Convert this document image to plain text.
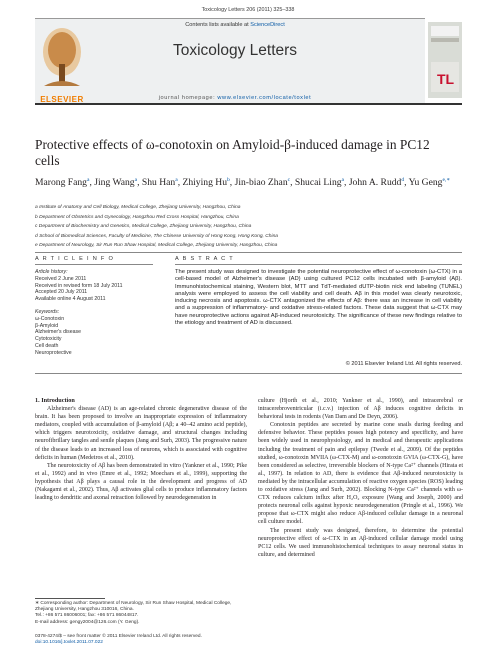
Toxicology Letters 206 (2011) 325–338
ELSEVIER
Contents lists available at ScienceDirect
Toxicology Letters
journal homepage: www.elsevier.com/locate/toxlet
TL
Protective effects of ω-conotoxin on Amyloid-β-induced damage in PC12 cells
Marong Fang$^a$, Jing Wang$^a$, Shu Han$^a$, Zhiying Hu$^b$, Jin-biao Zhan$^c$, Shucai Ling$^a$, John A. Rudd$^d$, Yu Geng$^{e,∗}$
a Institute of Anatomy and Cell Biology, Medical College, Zhejiang University, Hangzhou, China
b Department of Obstetrics and Gynecology, Hangzhou Red Cross Hospital, Hangzhou, China
c Department of Biochemistry and Genetics, Medical College, Zhejiang University, Hangzhou, China
d School of Biomedical Sciences, Faculty of Medicine, The Chinese University of Hong Kong, Hong Kong, China
e Department of Neurology, Sir Run Run Shaw Hospital, Medical College, Zhejiang University, Hangzhou, China
A R T I C L E I N F O	A B S T R A C T
Article history:
Received 2 June 2011
Received in revised form 18 July 2011
Accepted 20 July 2011
Available online 4 August 2011
Keywords:
ω-Conotoxin
β-Amyloid
Alzheimer's disease
Cytotoxicity
Cell death
Neuroprotective
The present study was designed to investigate the potential neuroprotective effect of ω-conotoxin (ω-CTX) in a cell-based model of Alzheimer's disease (AD) using cultured PC12 cells incubated with β-amyloid (Aβ). Immunohistochemical staining, Western blot, MTT and TdT-mediated dUTP-biotin nick end labeling (TUNEL) analysis were employed to assess the cell viability and cell death. Aβ in this model was clearly neurotoxic, inducing necrosis and apoptosis. ω-CTX antagonized the effects of Aβ: there was an increase in cell viability and a suppression of inflammatory- and oxidative stress-related factors. These data suggest that ω-CTX may have neuroprotective actions against Aβ-induced neurotoxicity. The significance of these new findings relative to the etiology and treatment of AD is discussed.
© 2011 Elsevier Ireland Ltd. All rights reserved.

1. Introduction

Alzheimer's disease (AD) is an age-related chronic degenerative disease of the brain. It has been proposed to involve an inappropriate expression of inflammatory mediators, coupled with accumulation of β-amyloid (Aβ; a 40–42 amino acid peptide), which triggers neurotoxicity, oxidative damage, and structural changes including neurofibrillary tangles and senile plaques (Jang and Surh, 2003). The progressive nature of the disease leads to an increased loss of neurons, which is associated with cognitive deficits in human (Medeiros et al., 2010).

The neurotoxicity of Aβ has been demonstrated in vitro (Yankner et al., 1990; Pike et al., 1992) and in vivo (Emre et al., 1992; Moechars et al., 1999), supporting the hypothesis that Aβ plays a causal role in the development and progress of AD (Nakagami et al., 2002). Thus, Aβ activates glial cells to produce inflammatory factors leading to dendritic and axonal retraction followed by neurodegeneration in

culture (Hjorth et al., 2010; Yankner et al., 1990), and intracerebral or intracerebroventricular (i.c.v.) injection of Aβ induces cognitive deficits in behavioral tests in rodents (Van Dam and De Deyn, 2006).

Conotoxin peptides are secreted by marine cone snails during feeding and defensive behavior. These peptides posses high potency and specificity, and have been widely used in neurophysiology, and in medical and therapeutic applications including the treatment of pain and epilepsy (Twede et al., 2009). Of the peptides studied, ω-conotoxin MVIIA (ω-CTX-M) and ω-conotoxin GVIA (ω-CTX-G), have been considered as selective, irreversible blockers of N-type Ca²⁺ channels (Hirata et al., 1997). In relation to AD, there is evidence that Aβ-induced neurotoxicity is mediated by the intracellular accumulation of reactive oxygen species (ROS) leading to oxidative stress (Jang and Surh, 2002). Blocking N-type Ca²⁺ channels with ω-CTX reduces calcium influx after H₂O₂ exposure (Wang and Joseph, 2000) and protects neuronal cells against hypoxic neurodegeneration (Pringle et al., 1996). We propose that ω-CTX might also reduce Aβ-induced cellular damage in a neuronal cell culture model.

The present study was designed, therefore, to determine the potential neuroprotective effect of ω-CTX in an Aβ-induced cellular damage model using PC12 cells. We used immunohistochemical techniques to assay neuronal status in culture, and determined

∗ Corresponding author: Department of Neurology, Sir Run Shaw Hospital, Medical College, Zhejiang University, Hangzhou 310016, China.
Tel.: +86 571 86006001; fax: +86 571 86044817.
E-mail address: gengy2004@126.com (Y. Geng).
0378-4274/$ – see front matter © 2011 Elsevier Ireland Ltd. All rights reserved.
doi:10.1016/j.toxlet.2011.07.022
